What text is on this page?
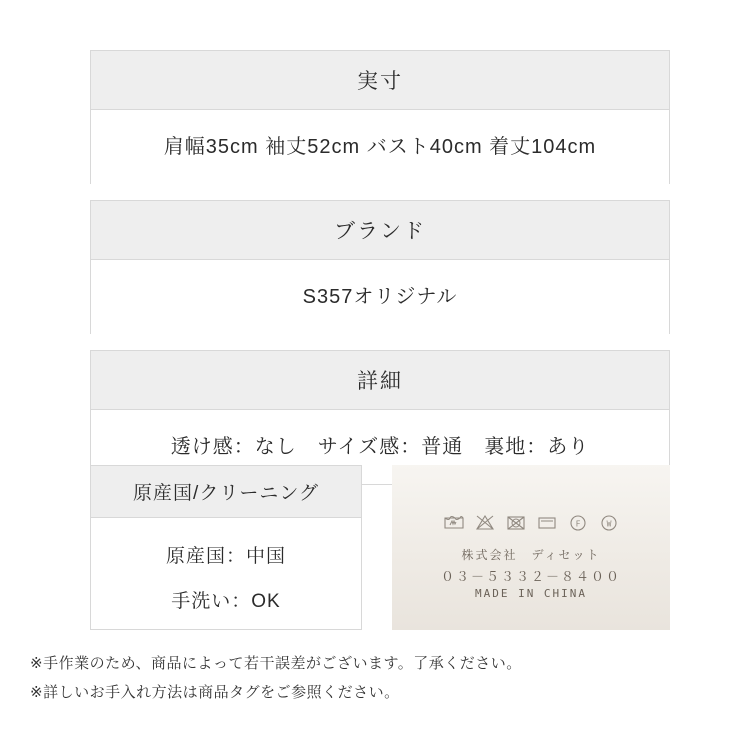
実寸
肩幅35cm 袖丈52cm バスト40cm 着丈104cm
ブランド
S357オリジナル
詳細
透け感：なし　サイズ感：普通　裏地：あり
原産国/クリーニング
原産国：中国
手洗い：OK
F	W
株式会社　ディセット
０３－５３３２－８４００
MADE IN CHINA
※手作業のため、商品によって若干誤差がございます。了承ください。
※詳しいお手入れ方法は商品タグをご参照ください。
